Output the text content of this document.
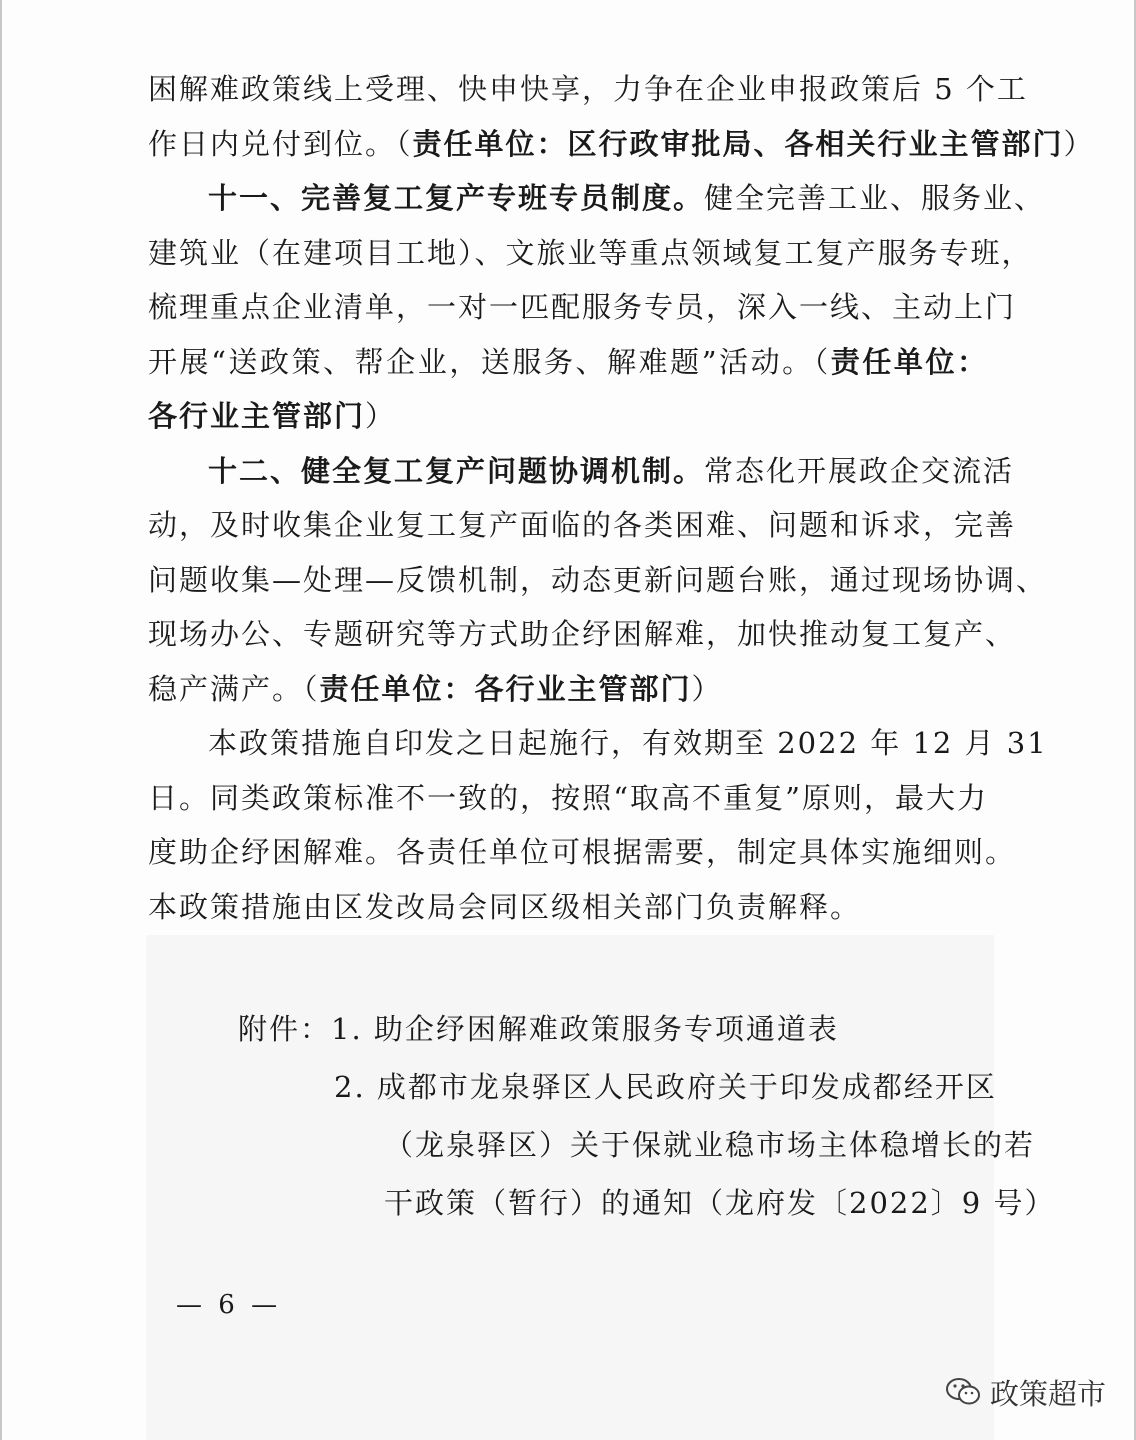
困解难政策线上受理、快申快享，力争在企业申报政策后 5 个工
作日内兑付到位。（责任单位：区行政审批局、各相关行业主管部门）
十一、完善复工复产专班专员制度。健全完善工业、服务业、
建筑业（在建项目工地）、文旅业等重点领域复工复产服务专班，
梳理重点企业清单，一对一匹配服务专员，深入一线、主动上门
开展“送政策、帮企业，送服务、解难题”活动。（责任单位：
各行业主管部门）
十二、健全复工复产问题协调机制。常态化开展政企交流活
动，及时收集企业复工复产面临的各类困难、问题和诉求，完善
问题收集—处理—反馈机制，动态更新问题台账，通过现场协调、
现场办公、专题研究等方式助企纾困解难，加快推动复工复产、
稳产满产。（责任单位：各行业主管部门）
本政策措施自印发之日起施行，有效期至 2022 年 12 月 31
日。同类政策标准不一致的，按照“取高不重复”原则，最大力
度助企纾困解难。各责任单位可根据需要，制定具体实施细则。
本政策措施由区发改局会同区级相关部门负责解释。
附件：1. 助企纾困解难政策服务专项通道表
2. 成都市龙泉驿区人民政府关于印发成都经开区
（龙泉驿区）关于保就业稳市场主体稳增长的若
干政策（暂行）的通知（龙府发〔2022〕9 号）
— 6 —
政策超市
